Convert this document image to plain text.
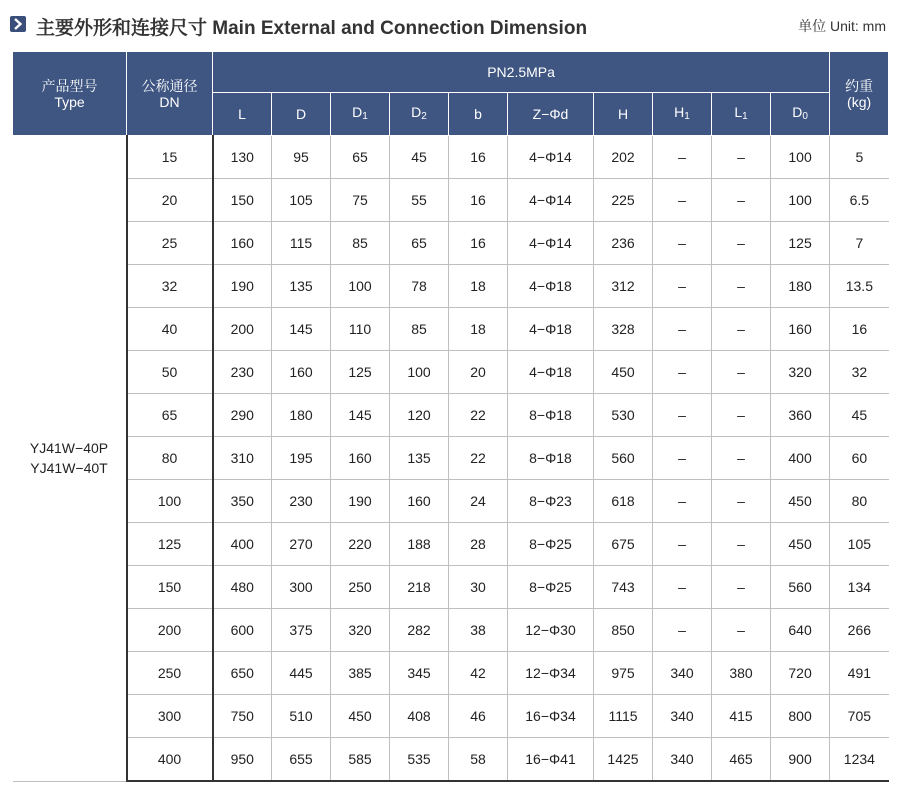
主要外形和连接尺寸 Main External and Connection Dimension	单位 Unit: mm
产品型号
Type	公称通径
DN	PN2.5MPa										约重
(kg)

		L	D	$D_1$	$D_2$	b	Z−Φd	H	$H_1$	$L_1$	$D_0$

YJ41W−40P
YJ41W−40T	15	130	95	65	45	16	4−Φ14	202	–	–	100	5
	20	150	105	75	55	16	4−Φ14	225	–	–	100	6.5
	25	160	115	85	65	16	4−Φ14	236	–	–	125	7
	32	190	135	100	78	18	4−Φ18	312	–	–	180	13.5
	40	200	145	110	85	18	4−Φ18	328	–	–	160	16
	50	230	160	125	100	20	4−Φ18	450	–	–	320	32
	65	290	180	145	120	22	8−Φ18	530	–	–	360	45
	80	310	195	160	135	22	8−Φ18	560	–	–	400	60
	100	350	230	190	160	24	8−Φ23	618	–	–	450	80
	125	400	270	220	188	28	8−Φ25	675	–	–	450	105
	150	480	300	250	218	30	8−Φ25	743	–	–	560	134
	200	600	375	320	282	38	12−Φ30	850	–	–	640	266
	250	650	445	385	345	42	12−Φ34	975	340	380	720	491
	300	750	510	450	408	46	16−Φ34	1115	340	415	800	705
	400	950	655	585	535	58	16−Φ41	1425	340	465	900	1234
